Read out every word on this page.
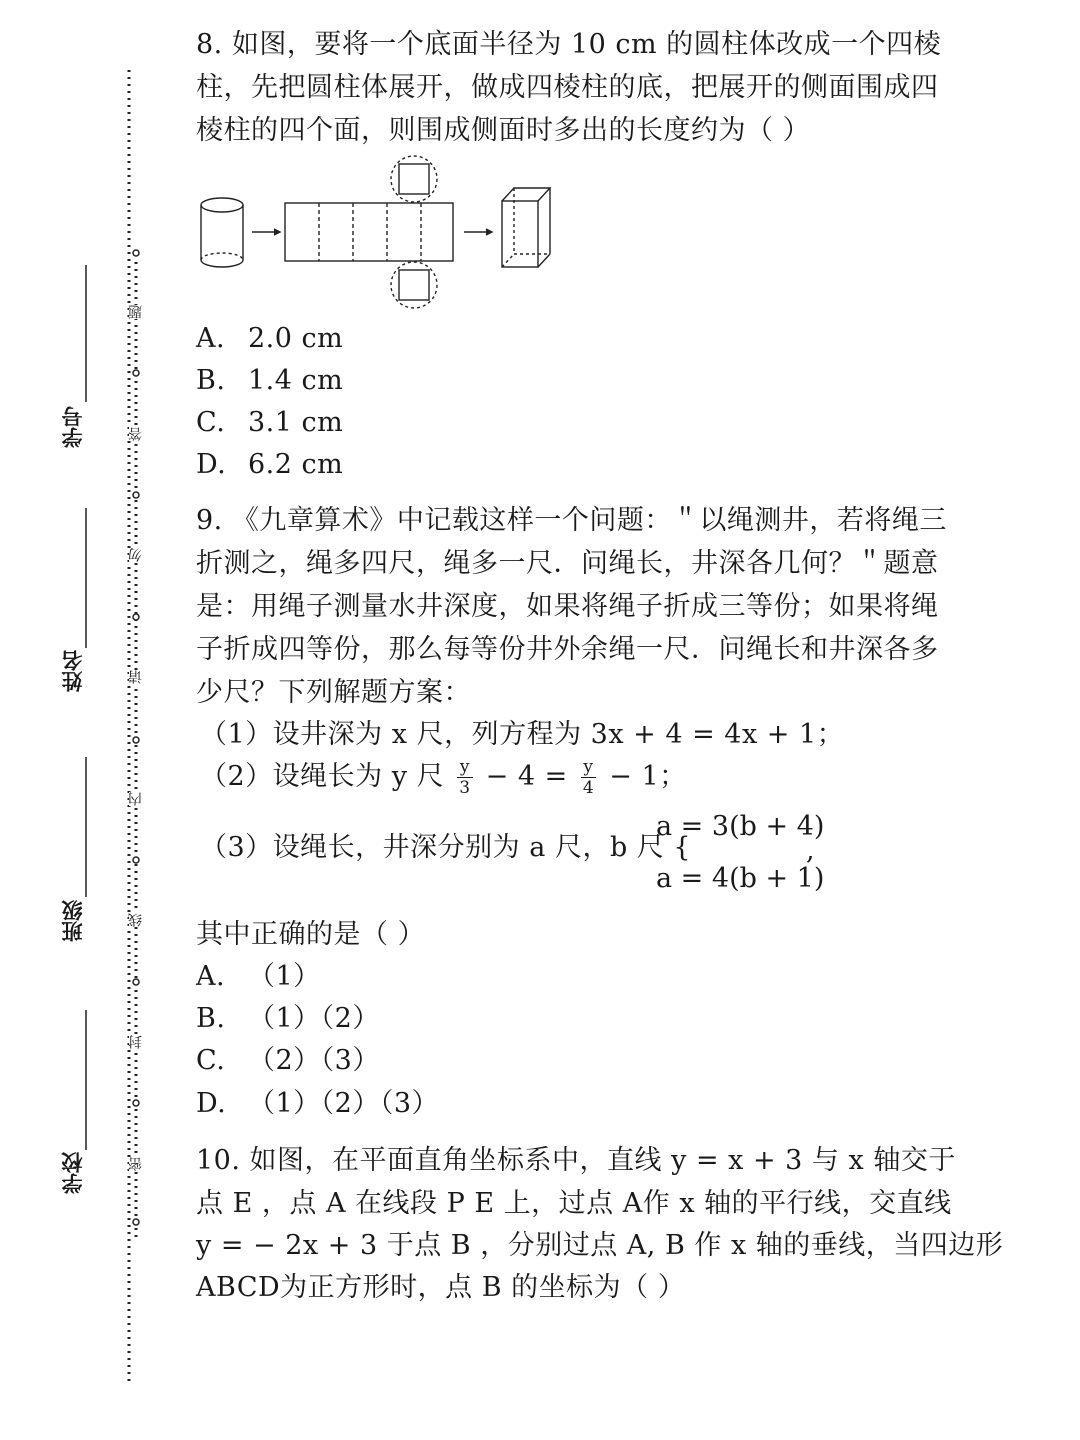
学号
姓名
班级
学校
题
答
勿
请
内
线
封
密
8. 如图，要将一个底面半径为 10 cm 的圆柱体改成一个四棱
柱，先把圆柱体展开，做成四棱柱的底，把展开的侧面围成四
棱柱的四个面，则围成侧面时多出的长度约为（ ）
A. 2.0 cm
B. 1.4 cm
C. 3.1 cm
D. 6.2 cm
9. 《九章算术》中记载这样一个问题：＂以绳测井，若将绳三
折测之，绳多四尺，绳多一尺．问绳长，井深各几何？＂题意
是：用绳子测量水井深度，如果将绳子折成三等份；如果将绳
子折成四等份，那么每等份井外余绳一尺．问绳长和井深各多
少尺？下列解题方案：
（1）设井深为 x 尺，列方程为 3x + 4 = 4x + 1；
（2）设绳长为 y 尺 $\frac{y}{3} - 4 = \frac{y}{4} - 1$；
（3）设绳长，井深分别为 a 尺，b 尺 {
a = 3(b + 4)
a = 4(b + 1)
,
其中正确的是（ ）
A. （1）
B. （1）（2）
C. （2）（3）
D. （1）（2）（3）
10. 如图，在平面直角坐标系中，直线 y = x + 3 与 x 轴交于
点 E ，点 A 在线段 P E 上，过点 A作 x 轴的平行线，交直线
y = − 2x + 3 于点 B ，分别过点 A, B 作 x 轴的垂线，当四边形
ABCD为正方形时，点 B 的坐标为（ ）
